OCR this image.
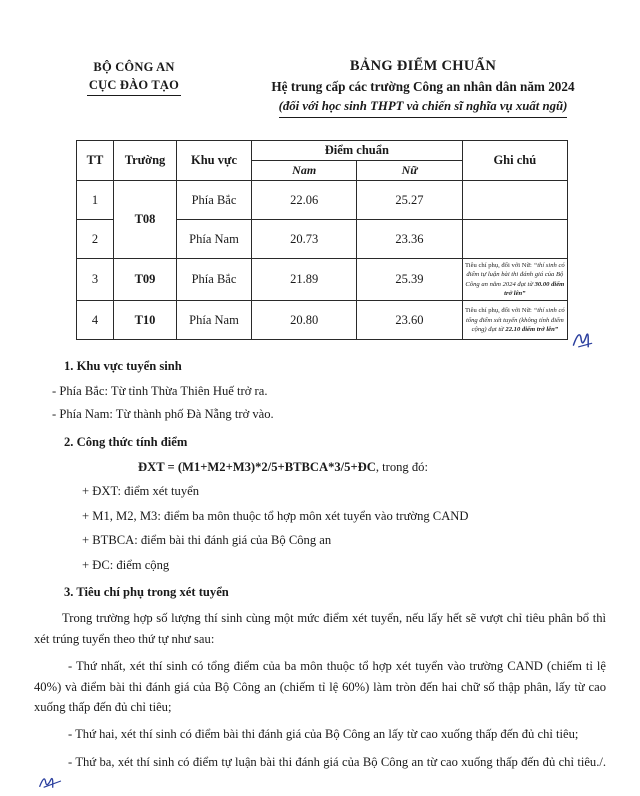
BỘ CÔNG AN
CỤC ĐÀO TẠO
BẢNG ĐIỂM CHUẨN
Hệ trung cấp các trường Công an nhân dân năm 2024
(đối với học sinh THPT và chiến sĩ nghĩa vụ xuất ngũ)
TT	Trường	Khu vực	Điểm chuẩn		Ghi chú
			Nam	Nữ	
1	T08	Phía Bắc	22.06	25.27	
2		Phía Nam	20.73	23.36	
3	T09	Phía Bắc	21.89	25.39	Tiêu chí phụ, đối với Nữ: “thí sinh có điểm tự luận bài thi đánh giá của Bộ Công an năm 2024 đạt từ 30.00 điểm trở lên”
4	T10	Phía Nam	20.80	23.60	Tiêu chí phụ, đối với Nữ: “thí sinh có tổng điểm xét tuyển (không tính điểm cộng) đạt từ 22.10 điểm trở lên”
1. Khu vực tuyển sinh
- Phía Bắc: Từ tỉnh Thừa Thiên Huế trở ra.
- Phía Nam: Từ thành phố Đà Nẵng trở vào.
2. Công thức tính điểm
ĐXT = (M1+M2+M3)*2/5+BTBCA*3/5+ĐC, trong đó:
+ ĐXT: điểm xét tuyển
+ M1, M2, M3: điểm ba môn thuộc tổ hợp môn xét tuyển vào trường CAND
+ BTBCA: điểm bài thi đánh giá của Bộ Công an
+ ĐC: điểm cộng
3. Tiêu chí phụ trong xét tuyển
Trong trường hợp số lượng thí sinh cùng một mức điểm xét tuyển, nếu lấy hết sẽ vượt chỉ tiêu phân bổ thì xét trúng tuyển theo thứ tự như sau:
- Thứ nhất, xét thí sinh có tổng điểm của ba môn thuộc tổ hợp xét tuyển vào trường CAND (chiếm tỉ lệ 40%) và điểm bài thi đánh giá của Bộ Công an (chiếm tỉ lệ 60%) làm tròn đến hai chữ số thập phân, lấy từ cao xuống thấp đến đủ chỉ tiêu;
- Thứ hai, xét thí sinh có điểm bài thi đánh giá của Bộ Công an lấy từ cao xuống thấp đến đủ chỉ tiêu;
- Thứ ba, xét thí sinh có điểm tự luận bài thi đánh giá của Bộ Công an từ cao xuống thấp đến đủ chỉ tiêu./.
